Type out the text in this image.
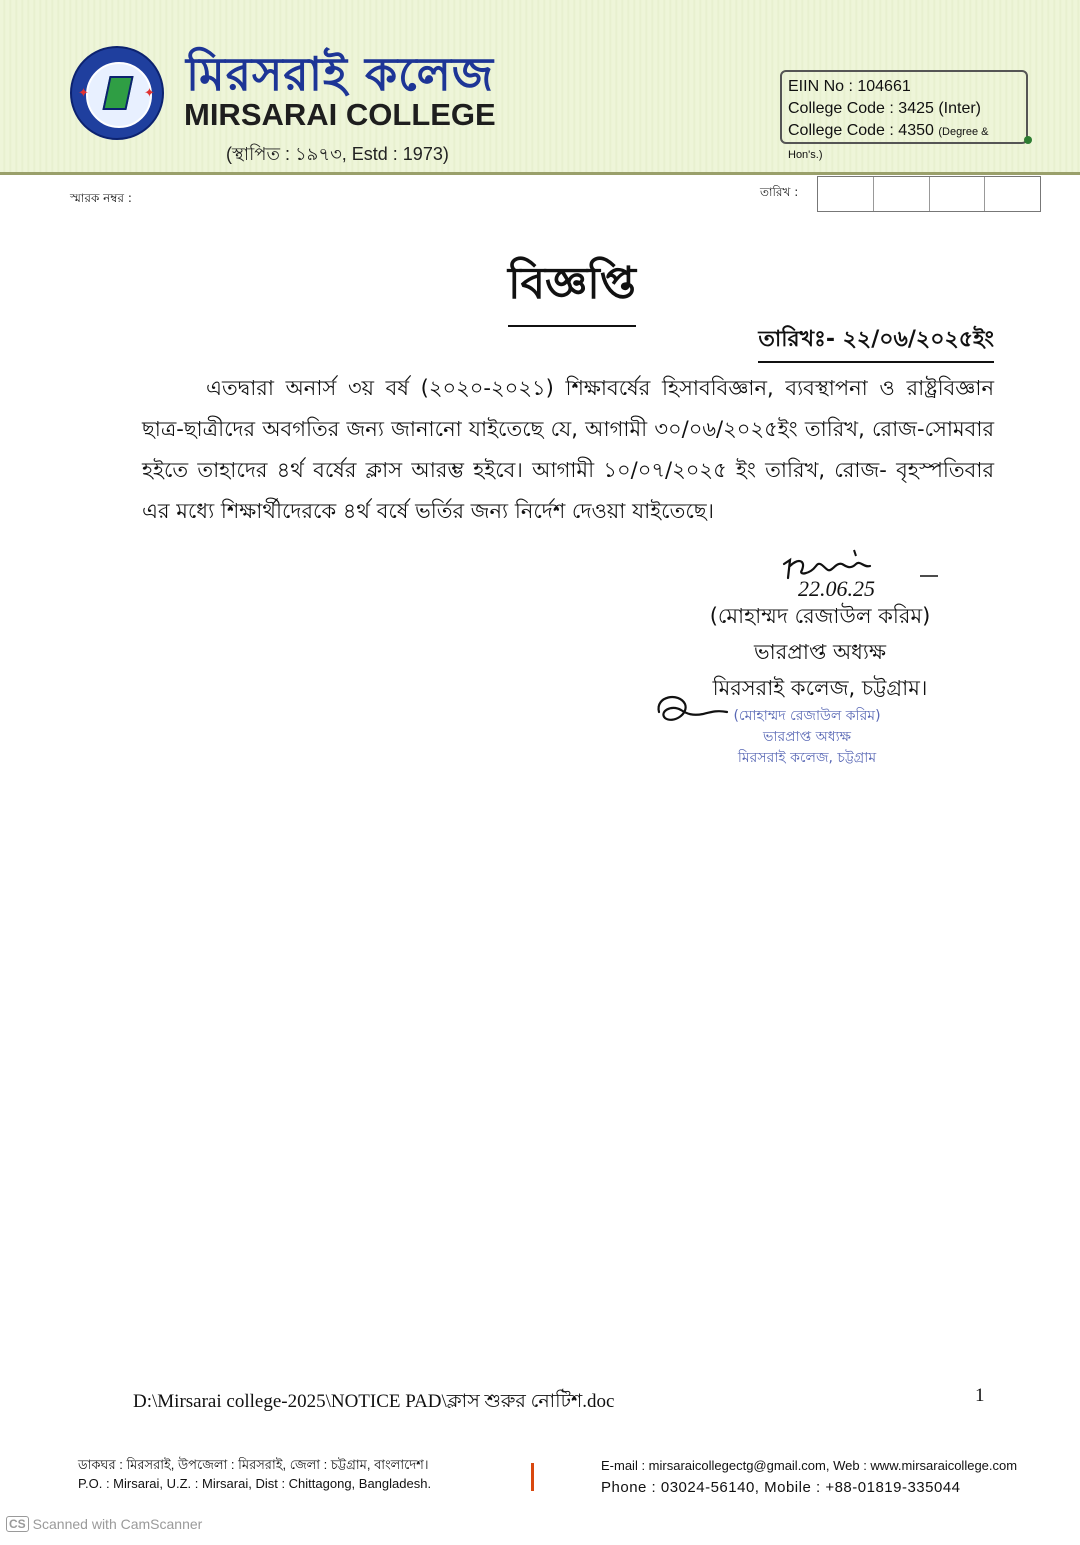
✦	✦ মিরসরাই কলেজ
MIRSARAI COLLEGE
(স্থাপিত : ১৯৭৩, Estd : 1973)
EIIN No : 104661
College Code : 3425 (Inter)
College Code : 4350 (Degree & Hon's.)
স্মারক নম্বর :	তারিখ :
বিজ্ঞপ্তি
তারিখঃ- ২২/০৬/২০২৫ইং
এতদ্বারা অনার্স ৩য় বর্ষ (২০২০-২০২১) শিক্ষাবর্ষের হিসাববিজ্ঞান, ব্যবস্থাপনা ও রাষ্ট্রবিজ্ঞান ছাত্র-ছাত্রীদের অবগতির জন্য জানানো যাইতেছে যে, আগামী ৩০/০৬/২০২৫ইং তারিখ, রোজ-সোমবার হইতে তাহাদের ৪র্থ বর্ষের ক্লাস আরম্ভ হইবে। আগামী ১০/০৭/২০২৫ ইং তারিখ, রোজ- বৃহস্পতিবার এর মধ্যে শিক্ষার্থীদেরকে ৪র্থ বর্ষে ভর্তির জন্য নির্দেশ দেওয়া যাইতেছে।
22.06.25
(মোহাম্মদ রেজাউল করিম)
ভারপ্রাপ্ত অধ্যক্ষ
মিরসরাই কলেজ, চট্টগ্রাম।
(মোহাম্মদ রেজাউল করিম)
ভারপ্রাপ্ত অধ্যক্ষ
মিরসরাই কলেজ, চট্টগ্রাম
D:\Mirsarai college-2025\NOTICE PAD\ক্লাস শুরুর নোটিশ.doc	1
ডাকঘর : মিরসরাই, উপজেলা : মিরসরাই, জেলা : চট্টগ্রাম, বাংলাদেশ।
P.O. : Mirsarai, U.Z. : Mirsarai, Dist : Chittagong, Bangladesh.
E-mail : mirsaraicollegectg@gmail.com, Web : www.mirsaraicollege.com
Phone : 03024-56140, Mobile : +88-01819-335044
CS Scanned with CamScanner
